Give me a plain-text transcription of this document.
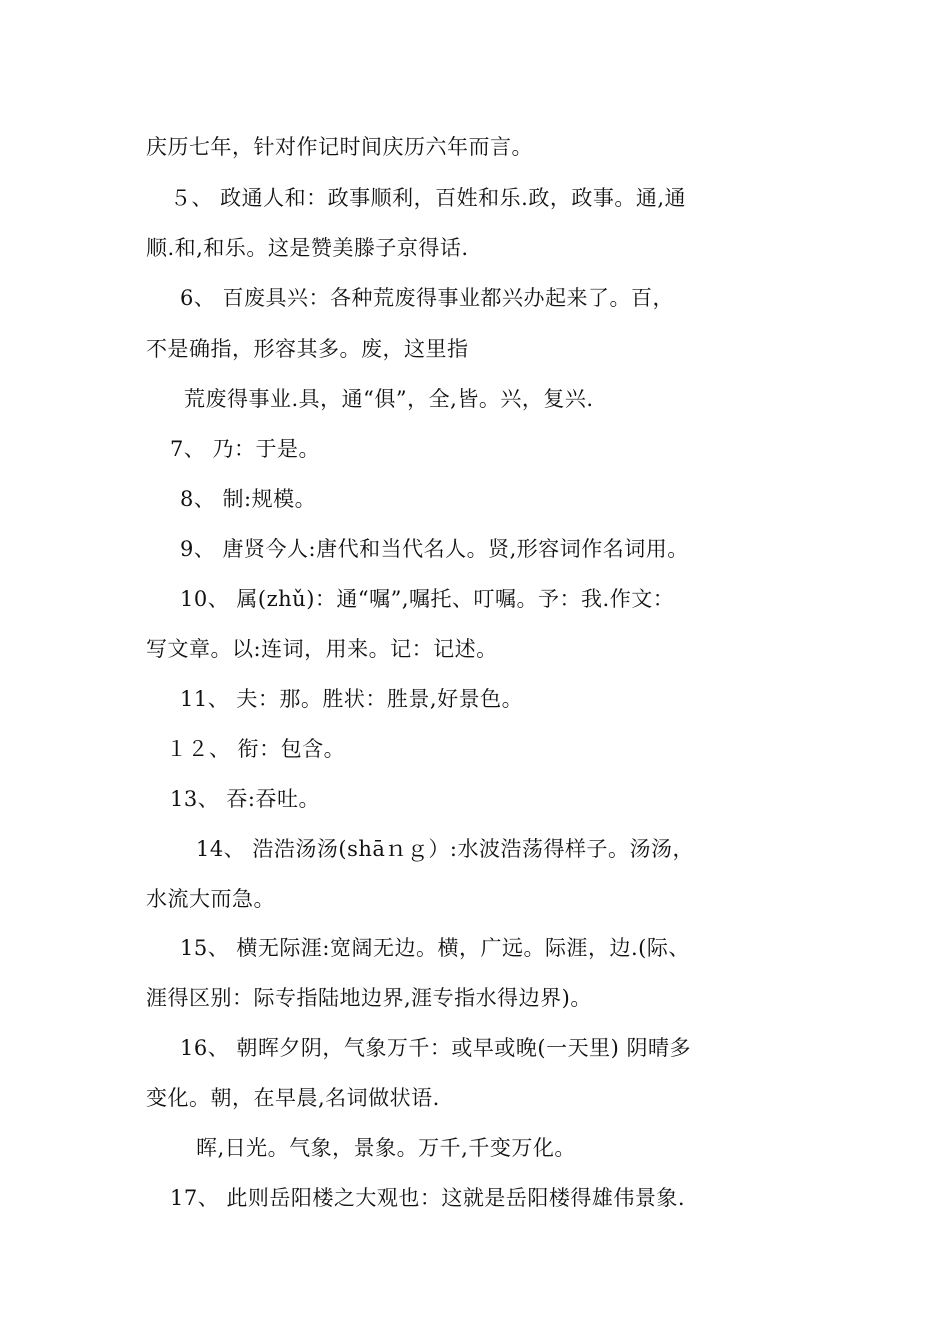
庆历七年，针对作记时间庆历六年而言。
５、 政通人和：政事顺利，百姓和乐.政，政事。通,通
顺.和,和乐。这是赞美滕子京得话.
6、 百废具兴：各种荒废得事业都兴办起来了。百，
不是确指，形容其多。废，这里指
荒废得事业.具，通“俱”，全,皆。兴，复兴.
7、 乃：于是。
8、 制:规模。
9、 唐贤今人:唐代和当代名人。贤,形容词作名词用。
10、 属(zhǔ)：通“嘱”,嘱托、叮嘱。予：我.作文：
写文章。以:连词，用来。记：记述。
11、 夫：那。胜状：胜景,好景色。
１２、 衔：包含。
13、 吞:吞吐。
14、 浩浩汤汤(shāｎｇ）:水波浩荡得样子。汤汤，
水流大而急。
15、 横无际涯:宽阔无边。横，广远。际涯，边.(际、
涯得区别：际专指陆地边界,涯专指水得边界)。
16、 朝晖夕阴，气象万千：或早或晚(一天里) 阴晴多
变化。朝，在早晨,名词做状语.
晖,日光。气象，景象。万千,千变万化。
17、 此则岳阳楼之大观也：这就是岳阳楼得雄伟景象.
